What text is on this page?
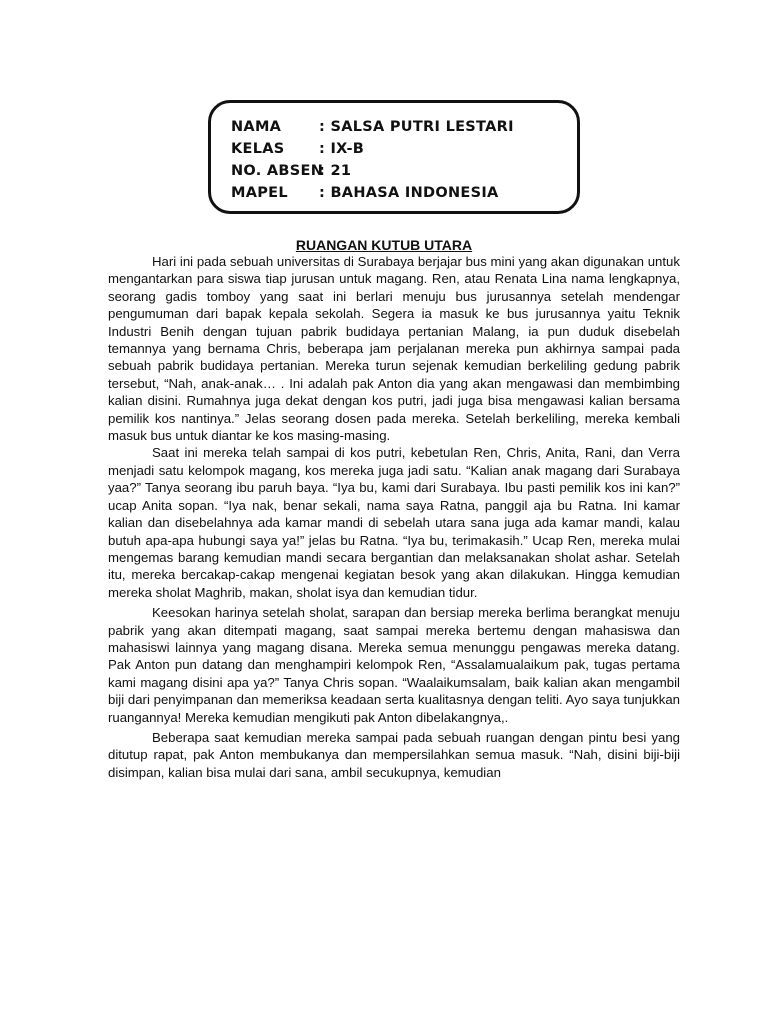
NAMA	: SALSA PUTRI LESTARI
KELAS : IX-B
NO. ABSEN: 21
MAPEL : BAHASA INDONESIA
RUANGAN KUTUB UTARA

Hari ini pada sebuah universitas di Surabaya berjajar bus mini yang akan digunakan untuk mengantarkan para siswa tiap jurusan untuk magang. Ren, atau Renata Lina nama lengkapnya, seorang gadis tomboy yang saat ini berlari menuju bus jurusannya setelah mendengar pengumuman dari bapak kepala sekolah. Segera ia masuk ke bus jurusannya yaitu Teknik Industri Benih dengan tujuan pabrik budidaya pertanian Malang, ia pun duduk disebelah temannya yang bernama Chris, beberapa jam perjalanan mereka pun akhirnya sampai pada sebuah pabrik budidaya pertanian. Mereka turun sejenak kemudian berkeliling gedung pabrik tersebut, “Nah, anak-anak… . Ini adalah pak Anton dia yang akan mengawasi dan membimbing kalian disini. Rumahnya juga dekat dengan kos putri, jadi juga bisa mengawasi kalian bersama pemilik kos nantinya.” Jelas seorang dosen pada mereka. Setelah berkeliling, mereka kembali masuk bus untuk diantar ke kos masing-masing.

Saat ini mereka telah sampai di kos putri, kebetulan Ren, Chris, Anita, Rani, dan Verra menjadi satu kelompok magang, kos mereka juga jadi satu. “Kalian anak magang dari Surabaya yaa?” Tanya seorang ibu paruh baya. “Iya bu, kami dari Surabaya. Ibu pasti pemilik kos ini kan?” ucap Anita sopan. “Iya nak, benar sekali, nama saya Ratna, panggil aja bu Ratna. Ini kamar kalian dan disebelahnya ada kamar mandi di sebelah utara sana juga ada kamar mandi, kalau butuh apa-apa hubungi saya ya!” jelas bu Ratna. “Iya bu, terimakasih.” Ucap Ren, mereka mulai mengemas barang kemudian mandi secara bergantian dan melaksanakan sholat ashar. Setelah itu, mereka bercakap-cakap mengenai kegiatan besok yang akan dilakukan. Hingga kemudian mereka sholat Maghrib, makan, sholat isya dan kemudian tidur.

Keesokan harinya setelah sholat, sarapan dan bersiap mereka berlima berangkat menuju pabrik yang akan ditempati magang, saat sampai mereka bertemu dengan mahasiswa dan mahasiswi lainnya yang magang disana. Mereka semua menunggu pengawas mereka datang. Pak Anton pun datang dan menghampiri kelompok Ren, “Assalamualaikum pak, tugas pertama kami magang disini apa ya?” Tanya Chris sopan. “Waalaikumsalam, baik kalian akan mengambil biji dari penyimpanan dan memeriksa keadaan serta kualitasnya dengan teliti. Ayo saya tunjukkan ruangannya! Mereka kemudian mengikuti pak Anton dibelakangnya,.

Beberapa saat kemudian mereka sampai pada sebuah ruangan dengan pintu besi yang ditutup rapat, pak Anton membukanya dan mempersilahkan semua masuk. “Nah, disini biji-biji disimpan, kalian bisa mulai dari sana, ambil secukupnya, kemudian
